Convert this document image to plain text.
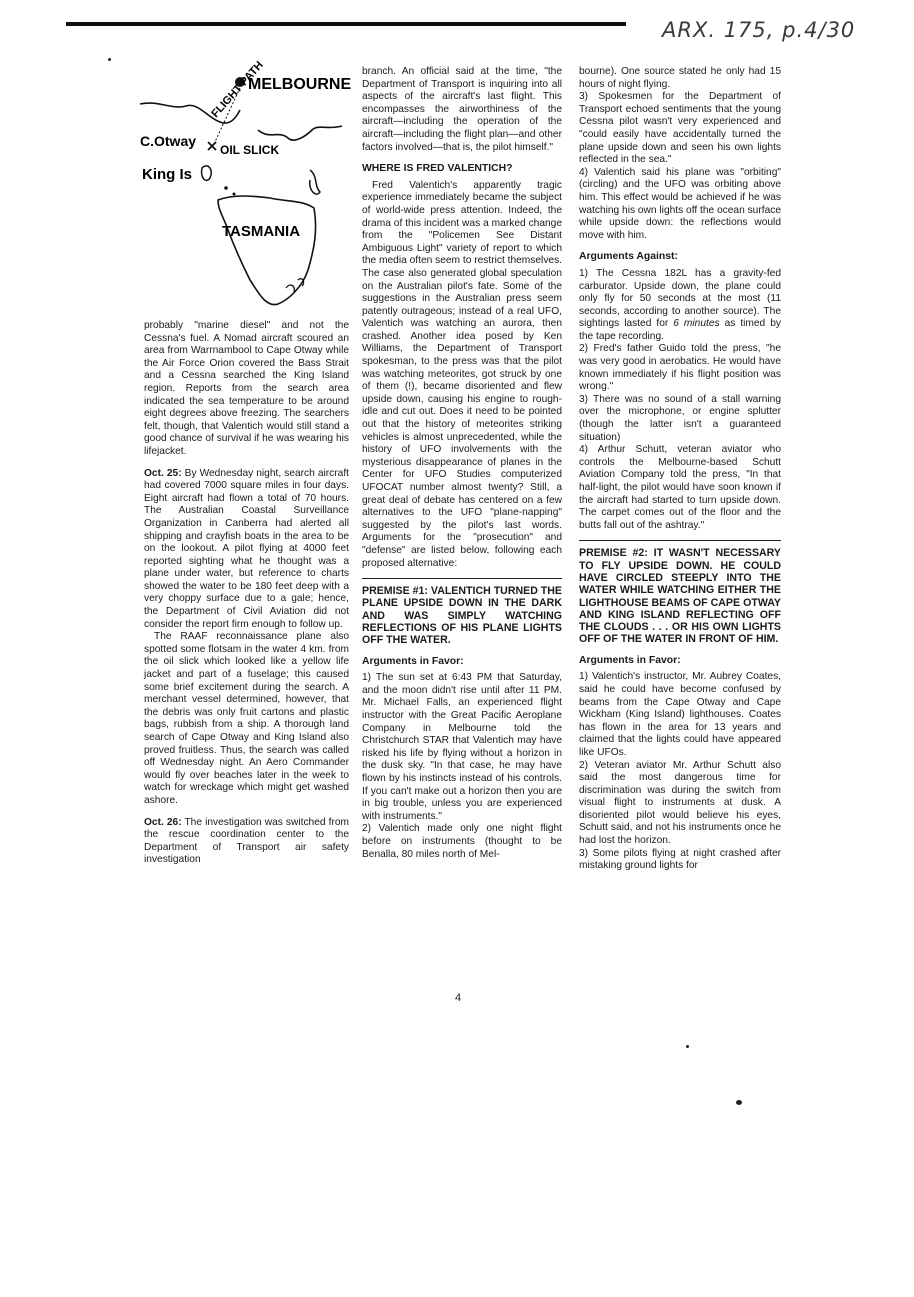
ARX. 175, p.4/30
FLIGHT PATH
MELBOURNE
C.Otway
OIL SLICK
King Is
TASMANIA

probably "marine diesel" and not the Cessna's fuel. A Nomad aircraft scoured an area from Warrnambool to Cape Otway while the Air Force Orion covered the Bass Strait and a Cessna searched the King Island region. Reports from the search area indicated the sea temperature to be around eight degrees above freezing. The searchers felt, though, that Valentich would still stand a good chance of survival if he was wearing his lifejacket.

Oct. 25: By Wednesday night, search aircraft had covered 7000 square miles in four days. Eight aircraft had flown a total of 70 hours. The Australian Coastal Surveillance Organization in Canberra had alerted all shipping and crayfish boats in the area to be on the lookout. A pilot flying at 4000 feet reported sighting what he thought was a plane under water, but reference to charts showed the water to be 180 feet deep with a very choppy surface due to a gale; hence, the Department of Civil Aviation did not consider the report firm enough to follow up.

The RAAF reconnaissance plane also spotted some flotsam in the water 4 km. from the oil slick which looked like a yellow life jacket and part of a fuselage; this caused some brief excitement during the search. A merchant vessel determined, however, that the debris was only fruit cartons and plastic bags, rubbish from a ship. A thorough land search of Cape Otway and King Island also proved fruitless. Thus, the search was called off Wednesday night. An Aero Commander would fly over beaches later in the week to watch for wreckage which might get washed ashore.

Oct. 26: The investigation was switched from the rescue coordination center to the Department of Transport air safety investigation

branch. An official said at the time, "the Department of Transport is inquiring into all aspects of the aircraft's last flight. This encompasses the airworthiness of the aircraft—including the operation of the aircraft—including the flight plan—and other factors involved—that is, the pilot himself."

WHERE IS FRED VALENTICH?

Fred Valentich's apparently tragic experience immediately became the subject of world-wide press attention. Indeed, the drama of this incident was a marked change from the "Policemen See Distant Ambiguous Light" variety of report to which the media often seem to restrict themselves. The case also generated global speculation on the Australian pilot's fate. Some of the suggestions in the Australian press seem patently outrageous; instead of a real UFO, Valentich was watching an aurora, then crashed. Another idea posed by Ken Williams, the Department of Transport spokesman, to the press was that the pilot was watching meteorites, got struck by one of them (!), became disoriented and flew upside down, causing his engine to rough-idle and cut out. Does it need to be pointed out that the history of meteorites striking vehicles is almost unprecedented, while the history of UFO involvements with the mysterious disappearance of planes in the Center for UFO Studies computerized UFOCAT number almost twenty? Still, a great deal of debate has centered on a few alternatives to the UFO "plane-napping" suggested by the pilot's last words. Arguments for the "prosecution" and "defense" are listed below, following each proposed alternative:

PREMISE #1: VALENTICH TURNED THE PLANE UPSIDE DOWN IN THE DARK AND WAS SIMPLY WATCHING REFLECTIONS OF HIS PLANE LIGHTS OFF THE WATER.
Arguments in Favor:

1) The sun set at 6:43 PM that Saturday, and the moon didn't rise until after 11 PM. Mr. Michael Falls, an experienced flight instructor with the Great Pacific Aeroplane Company in Melbourne told the Christchurch STAR that Valentich may have risked his life by flying without a horizon in the dusk sky. "In that case, he may have flown by his instincts instead of his controls. If you can't make out a horizon then you are in big trouble, unless you are experienced with instruments."

2) Valentich made only one night flight before on instruments (thought to be Benalla, 80 miles north of Mel-

bourne). One source stated he only had 15 hours of night flying.

3) Spokesmen for the Department of Transport echoed sentiments that the young Cessna pilot wasn't very experienced and "could easily have accidentally turned the plane upside down and seen his own lights reflected in the sea."

4) Valentich said his plane was "orbiting" (circling) and the UFO was orbiting above him. This effect would be achieved if he was watching his own lights off the ocean surface while upside down: the reflections would move with him.

Arguments Against:

1) The Cessna 182L has a gravity-fed carburator. Upside down, the plane could only fly for 50 seconds at the most (11 seconds, according to another source). The sightings lasted for 6 minutes as timed by the tape recording.

2) Fred's father Guido told the press, "he was very good in aerobatics. He would have known immediately if his flight position was wrong."

3) There was no sound of a stall warning over the microphone, or engine splutter (though the latter isn't a guaranteed situation)

4) Arthur Schutt, veteran aviator who controls the Melbourne-based Schutt Aviation Company told the press, "In that half-light, the pilot would have soon known if the aircraft had started to turn upside down. The carpet comes out of the floor and the butts fall out of the ashtray."

PREMISE #2: IT WASN'T NECESSARY TO FLY UPSIDE DOWN. HE COULD HAVE CIRCLED STEEPLY INTO THE WATER WHILE WATCHING EITHER THE LIGHTHOUSE BEAMS OF CAPE OTWAY AND KING ISLAND REFLECTING OFF THE CLOUDS . . . OR HIS OWN LIGHTS OFF OF THE WATER IN FRONT OF HIM.
Arguments in Favor:

1) Valentich's instructor, Mr. Aubrey Coates, said he could have become confused by beams from the Cape Otway and Cape Wickham (King Island) lighthouses. Coates has flown in the area for 13 years and claimed that the lights could have appeared like UFOs.

2) Veteran aviator Mr. Arthur Schutt also said the most dangerous time for discrimination was during the switch from visual flight to instruments at dusk. A disoriented pilot would believe his eyes, Schutt said, and not his instruments once he had lost the horizon.

3) Some pilots flying at night crashed after mistaking ground lights for

4
